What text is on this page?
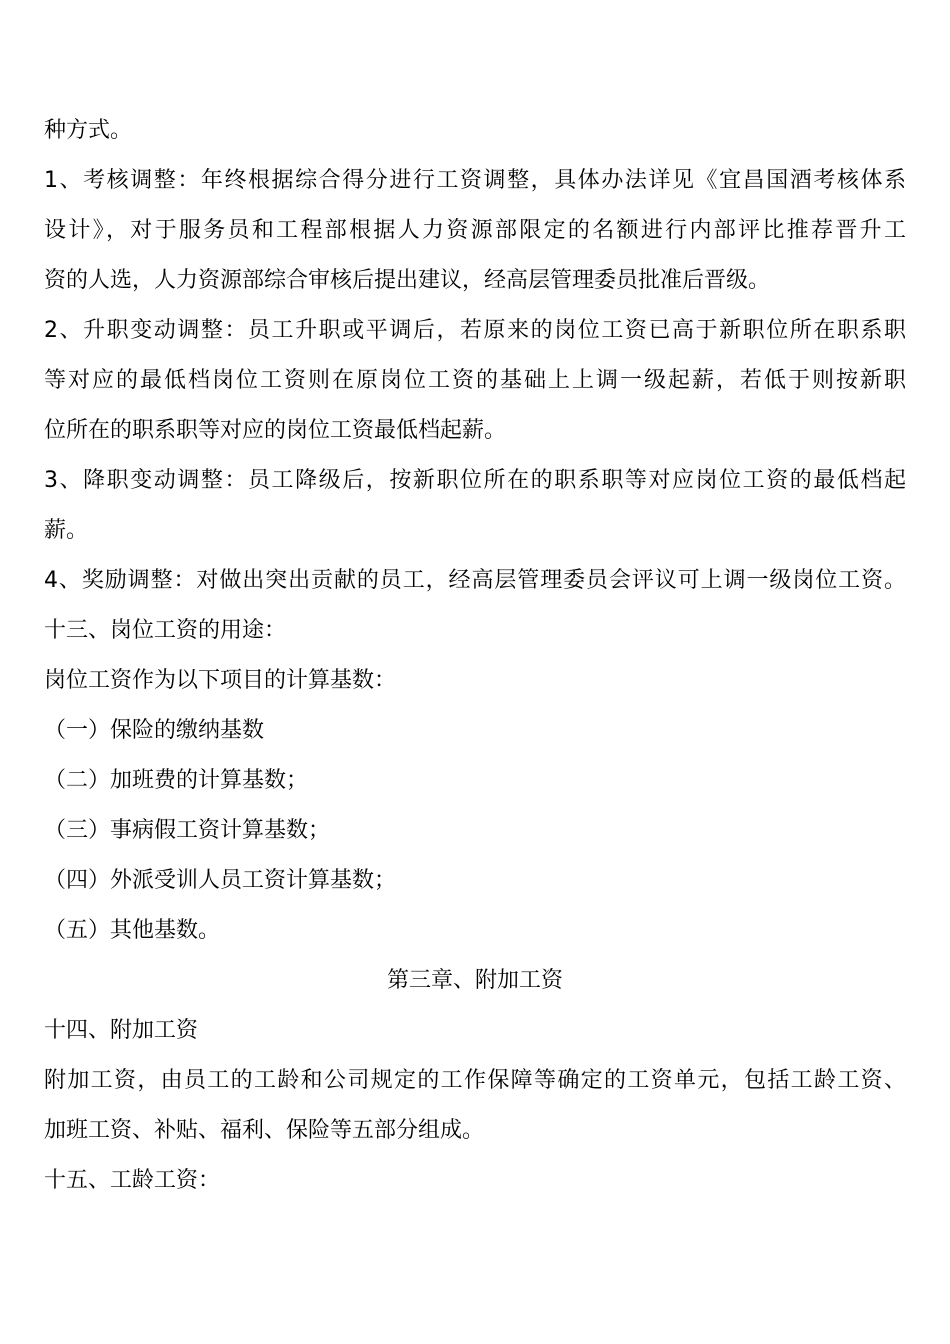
种方式。
1、考核调整：年终根据综合得分进行工资调整，具体办法详见《宜昌国酒考核体系
设计》，对于服务员和工程部根据人力资源部限定的名额进行内部评比推荐晋升工
资的人选，人力资源部综合审核后提出建议，经高层管理委员批准后晋级。
2、升职变动调整：员工升职或平调后，若原来的岗位工资已高于新职位所在职系职
等对应的最低档岗位工资则在原岗位工资的基础上上调一级起薪，若低于则按新职
位所在的职系职等对应的岗位工资最低档起薪。
3、降职变动调整：员工降级后，按新职位所在的职系职等对应岗位工资的最低档起
薪。
4、奖励调整：对做出突出贡献的员工，经高层管理委员会评议可上调一级岗位工资。
十三、岗位工资的用途：
岗位工资作为以下项目的计算基数：
（一）保险的缴纳基数
（二）加班费的计算基数；
（三）事病假工资计算基数；
（四）外派受训人员工资计算基数；
（五）其他基数。
第三章、附加工资
十四、附加工资
附加工资，由员工的工龄和公司规定的工作保障等确定的工资单元，包括工龄工资、
加班工资、补贴、福利、保险等五部分组成。
十五、工龄工资：
